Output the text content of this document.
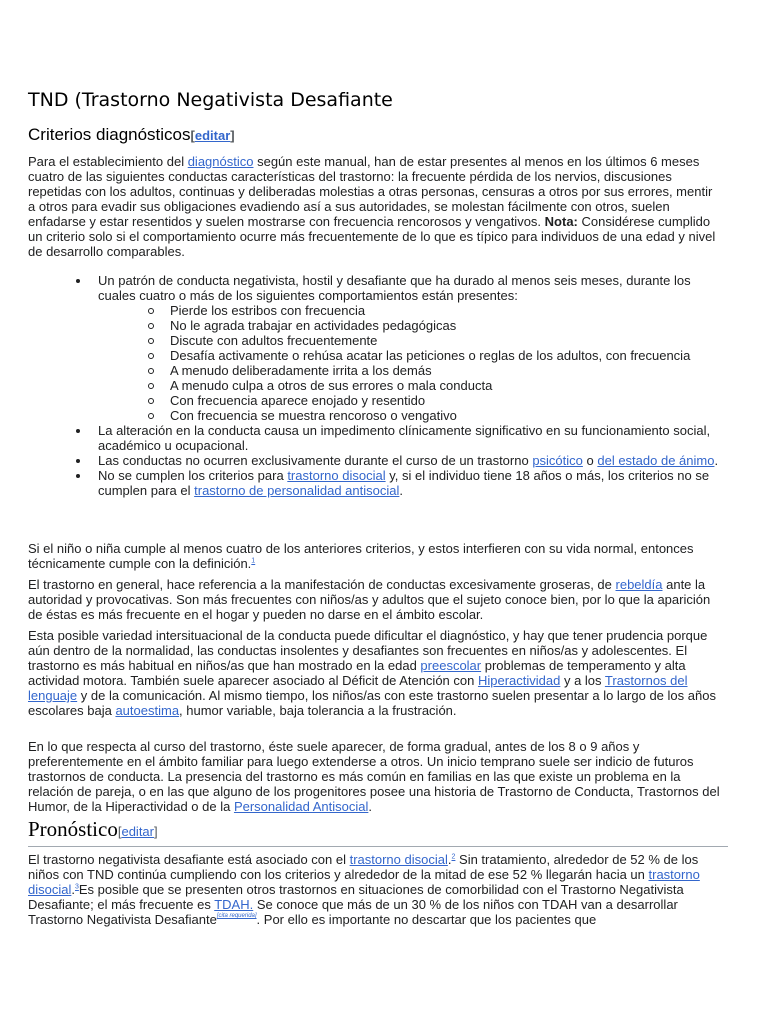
TND (Trastorno Negativista Desafiante
Criterios diagnósticos[editar]

Para el establecimiento del diagnóstico según este manual, han de estar presentes al menos en los últimos 6 meses cuatro de las siguientes conductas características del trastorno: la frecuente pérdida de los nervios, discusiones repetidas con los adultos, continuas y deliberadas molestias a otras personas, censuras a otros por sus errores, mentir a otros para evadir sus obligaciones evadiendo así a sus autoridades, se molestan fácilmente con otros, suelen enfadarse y estar resentidos y suelen mostrarse con frecuencia rencorosos y vengativos. Nota: Considérese cumplido un criterio solo si el comportamiento ocurre más frecuentemente de lo que es típico para individuos de una edad y nivel de desarrollo comparables.

Un patrón de conducta negativista, hostil y desafiante que ha durado al menos seis meses, durante los cuales cuatro o más de los siguientes comportamientos están presentes:
Pierde los estribos con frecuencia
No le agrada trabajar en actividades pedagógicas
Discute con adultos frecuentemente
Desafía activamente o rehúsa acatar las peticiones o reglas de los adultos, con frecuencia
A menudo deliberadamente irrita a los demás
A menudo culpa a otros de sus errores o mala conducta
Con frecuencia aparece enojado y resentido
Con frecuencia se muestra rencoroso o vengativo
La alteración en la conducta causa un impedimento clínicamente significativo en su funcionamiento social, académico u ocupacional.
Las conductas no ocurren exclusivamente durante el curso de un trastorno psicótico o del estado de ánimo.
No se cumplen los criterios para trastorno disocial y, si el individuo tiene 18 años o más, los criterios no se cumplen para el trastorno de personalidad antisocial.

Si el niño o niña cumple al menos cuatro de los anteriores criterios, y estos interfieren con su vida normal, entonces técnicamente cumple con la definición.$^1$

El trastorno en general, hace referencia a la manifestación de conductas excesivamente groseras, de rebeldía ante la autoridad y provocativas. Son más frecuentes con niños/as y adultos que el sujeto conoce bien, por lo que la aparición de éstas es más frecuente en el hogar y pueden no darse en el ámbito escolar.

Esta posible variedad intersituacional de la conducta puede dificultar el diagnóstico, y hay que tener prudencia porque aún dentro de la normalidad, las conductas insolentes y desafiantes son frecuentes en niños/as y adolescentes. El trastorno es más habitual en niños/as que han mostrado en la edad preescolar problemas de temperamento y alta actividad motora. También suele aparecer asociado al Déficit de Atención con Hiperactividad y a los Trastornos del lenguaje y de la comunicación. Al mismo tiempo, los niños/as con este trastorno suelen presentar a lo largo de los años escolares baja autoestima, humor variable, baja tolerancia a la frustración.

En lo que respecta al curso del trastorno, éste suele aparecer, de forma gradual, antes de los 8 o 9 años y preferentemente en el ámbito familiar para luego extenderse a otros. Un inicio temprano suele ser indicio de futuros trastornos de conducta. La presencia del trastorno es más común en familias en las que existe un problema en la relación de pareja, o en las que alguno de los progenitores posee una historia de Trastorno de Conducta, Trastornos del Humor, de la Hiperactividad o de la Personalidad Antisocial.

Pronóstico[editar]

El trastorno negativista desafiante está asociado con el trastorno disocial.$^2$ Sin tratamiento, alrededor de 52 % de los niños con TND continúa cumpliendo con los criterios y alrededor de la mitad de ese 52 % llegarán hacia un trastorno disocial.$^3$Es posible que se presenten otros trastornos en situaciones de comorbilidad con el Trastorno Negativista Desafiante; el más frecuente es TDAH. Se conoce que más de un 30 % de los niños con TDAH van a desarrollar Trastorno Negativista Desafiante[cita requerida]. Por ello es importante no descartar que los pacientes que
